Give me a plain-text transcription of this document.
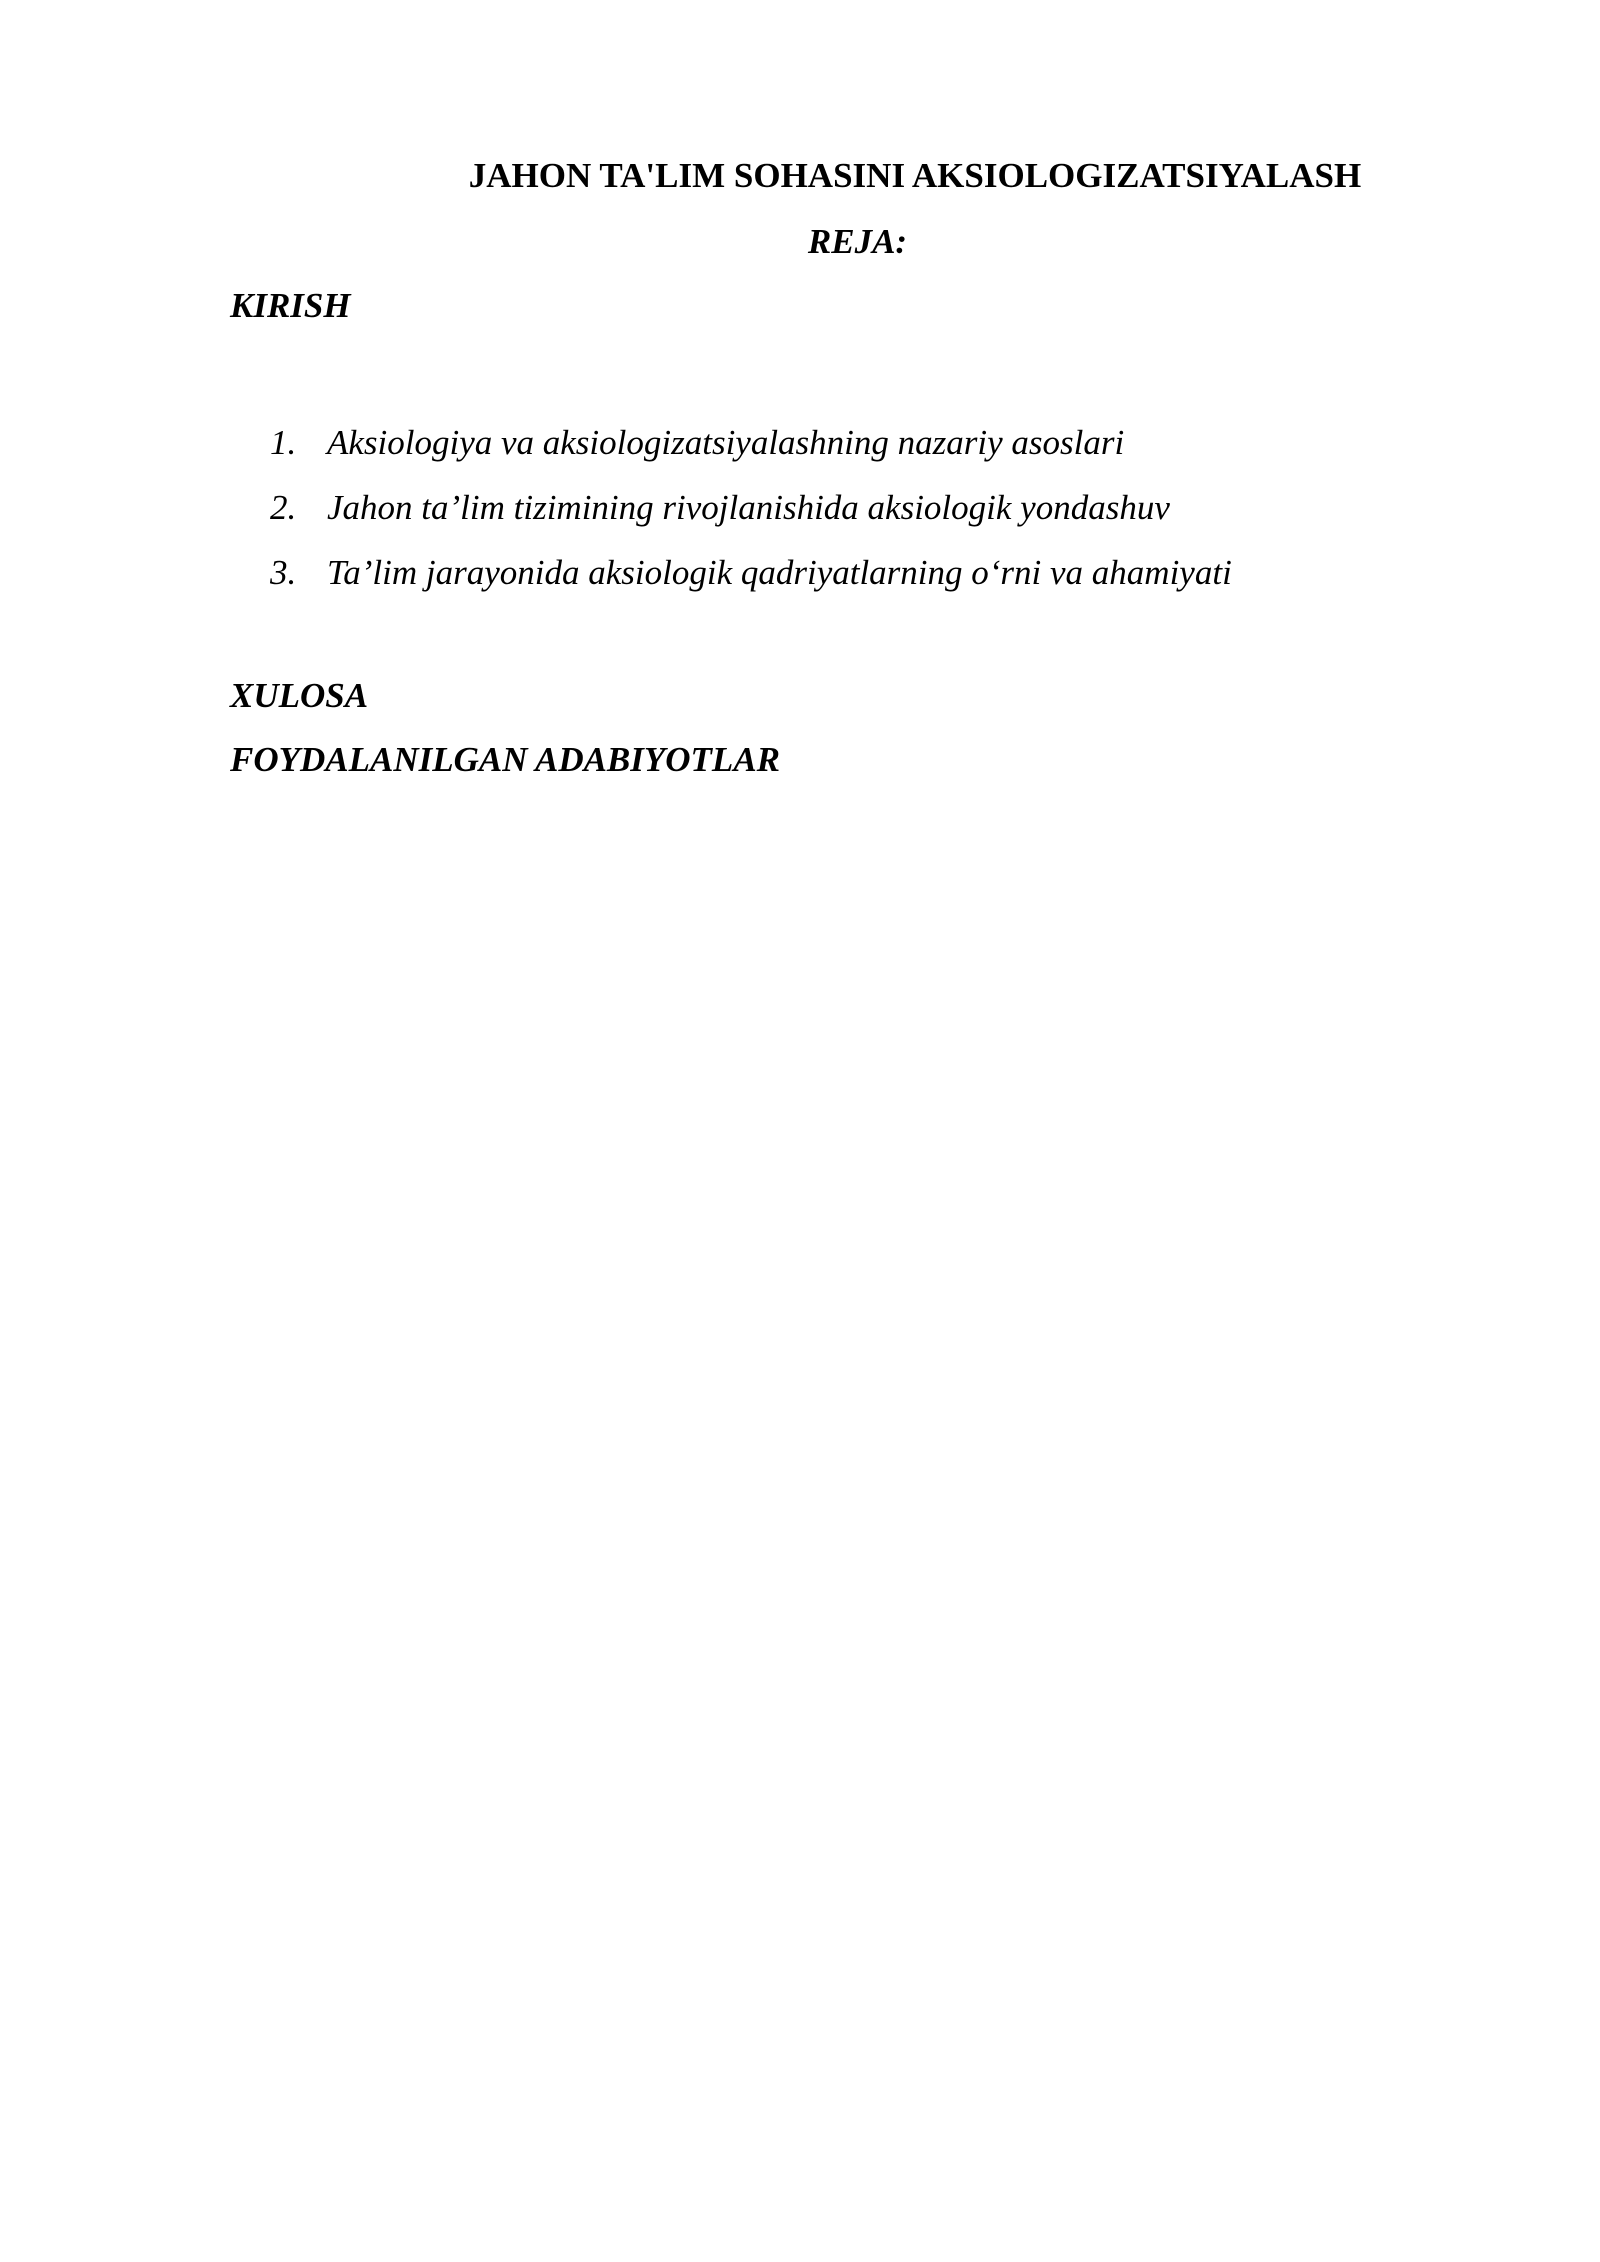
JAHON TA'LIM SOHASINI AKSIOLOGIZATSIYALASH
REJA:
KIRISH
1. Aksiologiya va aksiologizatsiyalashning nazariy asoslari
2. Jahon ta’lim tizimining rivojlanishida aksiologik yondashuv
3. Ta’lim jarayonida aksiologik qadriyatlarning o‘rni va ahamiyati
XULOSA
FOYDALANILGAN ADABIYOTLAR
